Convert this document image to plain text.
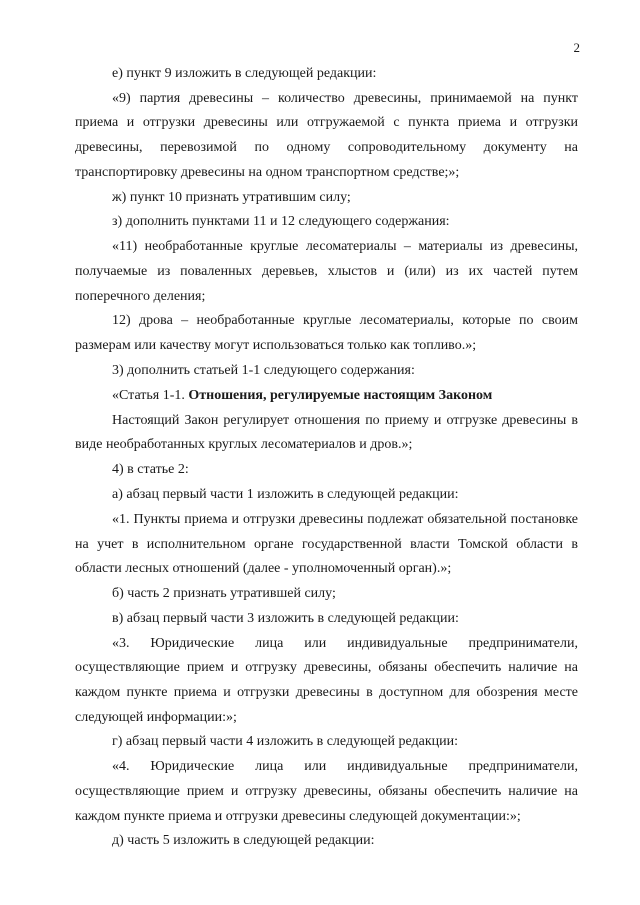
2

е) пункт 9 изложить в следующей редакции:

«9) партия древесины – количество древесины, принимаемой на пункт приема и отгрузки древесины или отгружаемой с пункта приема и отгрузки древесины, перевозимой по одному сопроводительному документу на транспортировку древесины на одном транспортном средстве;»;

ж) пункт 10 признать утратившим силу;

з) дополнить пунктами 11 и 12 следующего содержания:

«11) необработанные круглые лесоматериалы – материалы из древесины, получаемые из поваленных деревьев, хлыстов и (или) из их частей путем поперечного деления;

12) дрова – необработанные круглые лесоматериалы, которые по своим размерам или качеству могут использоваться только как топливо.»;

3) дополнить статьей 1-1 следующего содержания:

«Статья 1-1. Отношения, регулируемые настоящим Законом

Настоящий Закон регулирует отношения по приему и отгрузке древесины в виде необработанных круглых лесоматериалов и дров.»;

4) в статье 2:

а) абзац первый части 1 изложить в следующей редакции:

«1. Пункты приема и отгрузки древесины подлежат обязательной постановке на учет в исполнительном органе государственной власти Томской области в области лесных отношений (далее - уполномоченный орган).»;

б) часть 2 признать утратившей силу;

в) абзац первый части 3 изложить в следующей редакции:

«3. Юридические лица или индивидуальные предприниматели, осуществляющие прием и отгрузку древесины, обязаны обеспечить наличие на каждом пункте приема и отгрузки древесины в доступном для обозрения месте следующей информации:»;

г) абзац первый части 4 изложить в следующей редакции:

«4. Юридические лица или индивидуальные предприниматели, осуществляющие прием и отгрузку древесины, обязаны обеспечить наличие на каждом пункте приема и отгрузки древесины следующей документации:»;

д) часть 5 изложить в следующей редакции:
